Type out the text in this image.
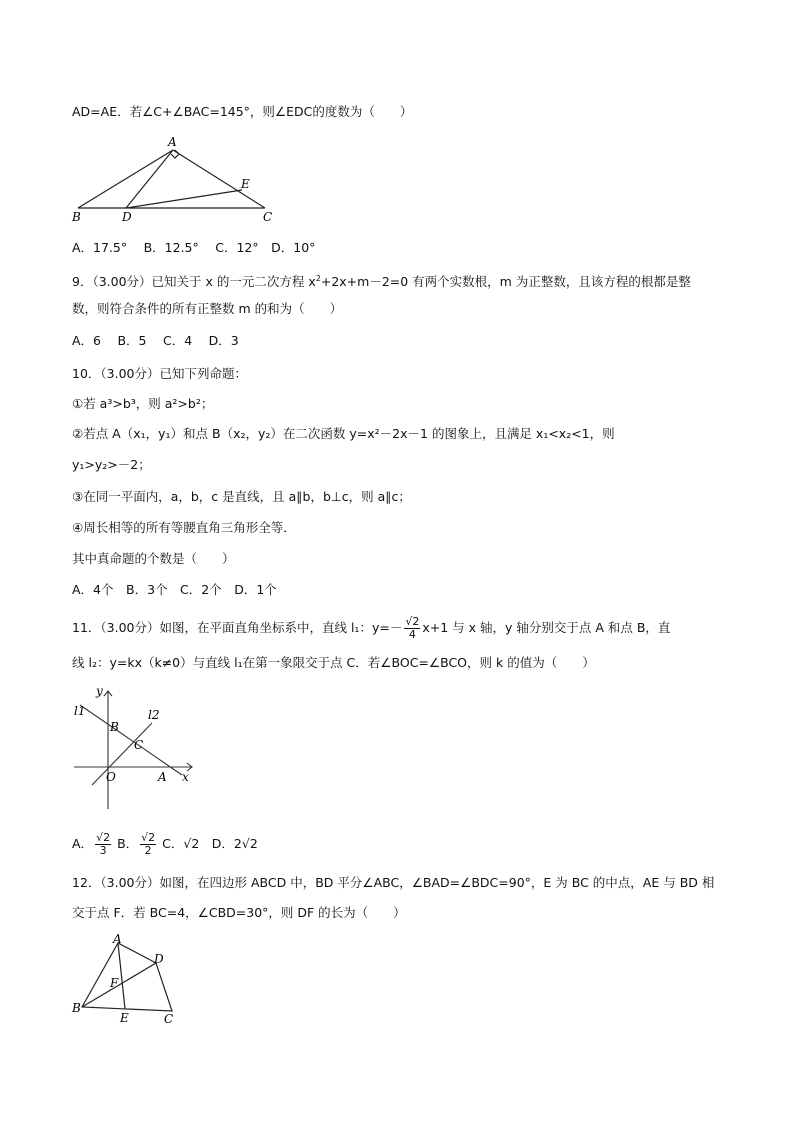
AD=AE．若∠C+∠BAC=145°，则∠EDC的度数为（　　）
A
B	C
D
E
A．17.5°　 B．12.5°　 C．12°　D．10°
9．（3.00分）已知关于 x 的一元二次方程 $x^2+2x+m-2=0$ 有两个实数根，m 为正整数，且该方程的根都是整
数，则符合条件的所有正整数 m 的和为（　　）
A．6　 B．5　 C．4　 D．3
10．（3.00分）已知下列命题：
①若 a³>b³，则 a²>b²；
②若点 A（x₁，y₁）和点 B（x₂，y₂）在二次函数 y=x²－2x－1 的图象上，且满足 x₁<x₂<1，则
y₁>y₂>－2；
③在同一平面内，a，b，c 是直线，且 a∥b，b⊥c，则 a∥c；
④周长相等的所有等腰直角三角形全等．
其中真命题的个数是（　　）
A．4个　B．3个　C．2个　D．1个
11．（3.00分）如图，在平面直角坐标系中，直线 l₁：$y=- \frac{√2}{4} x+1$ 与 x 轴，y 轴分别交于点 A 和点 B，直
线 l₂：y=kx（k≠0）与直线 l₁在第一象限交于点 C．若∠BOC=∠BCO，则 k 的值为（　　）
y
x
l1	l2
B
C
O	A
A． $\frac{√2}{3}$ B． $\frac{√2}{2}$ C．√2　D．2√2
12．（3.00分）如图，在四边形 ABCD 中，BD 平分∠ABC，∠BAD=∠BDC=90°，E 为 BC 的中点，AE 与 BD 相
交于点 F．若 BC=4，∠CBD=30°，则 DF 的长为（　　）
A
B
C
D
E
F
